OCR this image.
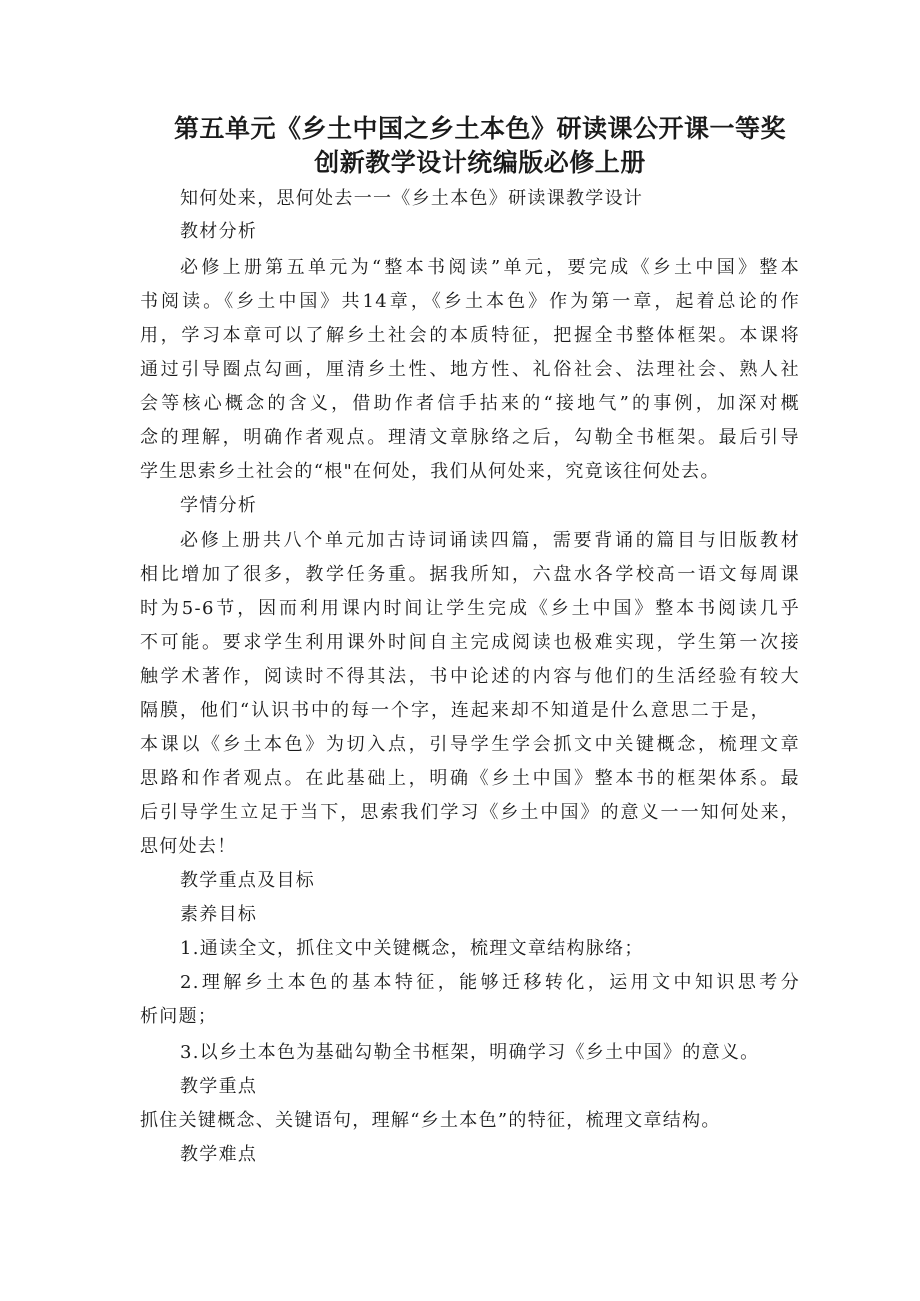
第五单元《乡土中国之乡土本色》研读课公开课一等奖
创新教学设计统编版必修上册
知何处来，思何处去一一《乡土本色》研读课教学设计
教材分析
必修上册第五单元为“整本书阅读”单元，要完成《乡土中国》整本
书阅读。《乡土中国》共14章，《乡土本色》作为第一章，起着总论的作
用，学习本章可以了解乡土社会的本质特征，把握全书整体框架。本课将
通过引导圈点勾画，厘清乡土性、地方性、礼俗社会、法理社会、熟人社
会等核心概念的含义，借助作者信手拈来的“接地气”的事例，加深对概
念的理解，明确作者观点。理清文章脉络之后，勾勒全书框架。最后引导
学生思索乡土社会的“根"在何处，我们从何处来，究竟该往何处去。
学情分析
必修上册共八个单元加古诗词诵读四篇，需要背诵的篇目与旧版教材
相比增加了很多，教学任务重。据我所知，六盘水各学校高一语文每周课
时为5-6节，因而利用课内时间让学生完成《乡土中国》整本书阅读几乎
不可能。要求学生利用课外时间自主完成阅读也极难实现，学生第一次接
触学术著作，阅读时不得其法，书中论述的内容与他们的生活经验有较大
隔膜，他们“认识书中的每一个字，连起来却不知道是什么意思二于是，
本课以《乡土本色》为切入点，引导学生学会抓文中关键概念，梳理文章
思路和作者观点。在此基础上，明确《乡土中国》整本书的框架体系。最
后引导学生立足于当下，思索我们学习《乡土中国》的意义一一知何处来，
思何处去！
教学重点及目标
素养目标
1.通读全文，抓住文中关键概念，梳理文章结构脉络；
2.理解乡土本色的基本特征，能够迁移转化，运用文中知识思考分
析问题；
3.以乡土本色为基础勾勒全书框架，明确学习《乡土中国》的意义。
教学重点
抓住关键概念、关键语句，理解“乡土本色”的特征，梳理文章结构。
教学难点
